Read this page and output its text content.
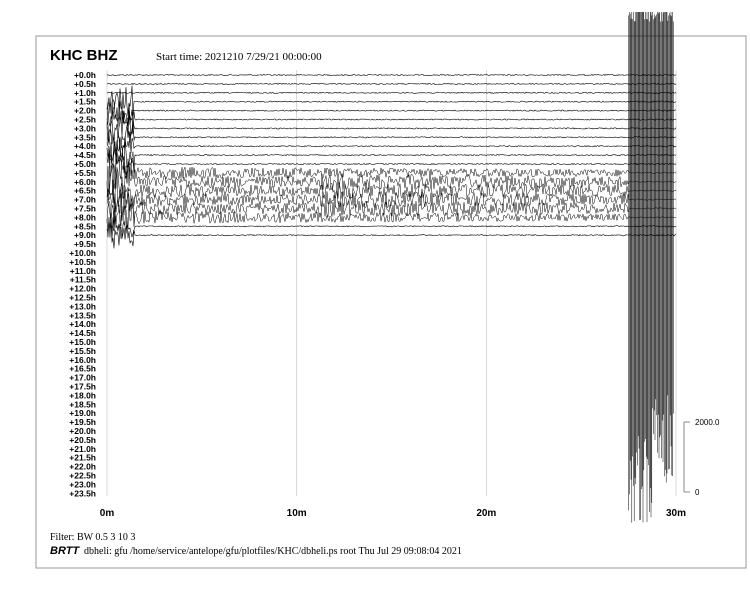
KHC BHZ	Start time: 2021210 7/29/21 00:00:00
+0.0h
+0.5h
+1.0h
+1.5h
+2.0h
+2.5h
+3.0h
+3.5h
+4.0h
+4.5h
+5.0h
+5.5h
+6.0h
+6.5h
+7.0h
+7.5h
+8.0h
+8.5h
+9.0h
+9.5h
+10.0h
+10.5h
+11.0h
+11.5h
+12.0h
+12.5h
+13.0h
+13.5h
+14.0h
+14.5h
+15.0h
+15.5h
+16.0h
+16.5h
+17.0h
+17.5h
+18.0h
+18.5h
+19.0h
+19.5h
+20.0h
+20.5h
+21.0h
+21.5h
+22.0h
+22.5h
+23.0h
+23.5h
0m	10m	20m	30m
2000.0
0
Filter: BW 0.5 3 10 3
BRTT dbheli: gfu /home/service/antelope/gfu/plotfiles/KHC/dbheli.ps root Thu Jul 29 09:08:04 2021
